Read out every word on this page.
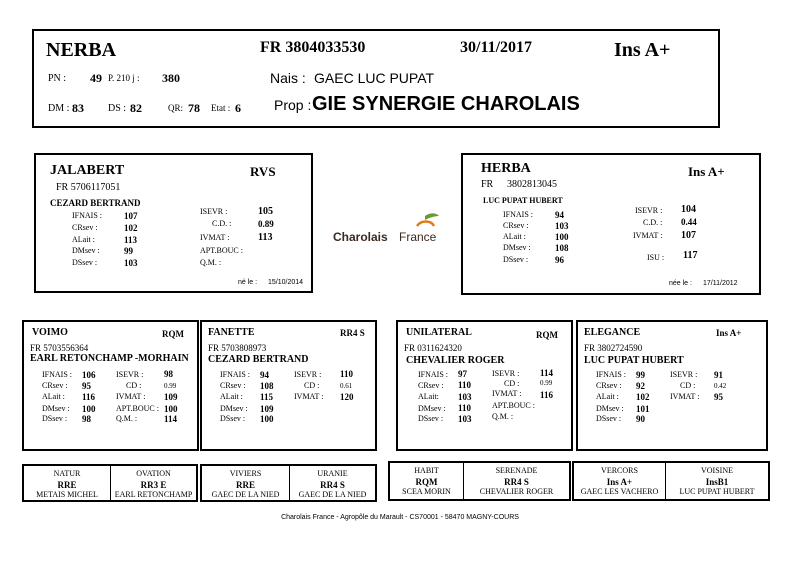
NERBA	FR 3804033530	30/11/2017	Ins A+
PN : 49 P. 210 j : 380	Nais : GAEC LUC PUPAT
DM : 83 DS : 82	QR: 78 Etat : 6 Prop : GIE SYNERGIE CHAROLAIS
JALABERT	RVS
FR 5706117051
CEZARD BERTRAND
IFNAIS : 107
CRsev :	102
ALait :	113
DMsev :	99
DSsev :	103
ISEVR :	105
C.D. :	0.89
IVMAT :	113
APT.BOUC :
Q.M. :
né le : 15/10/2014
Charolais France
HERBA	Ins A+
FR 3802813045
LUC PUPAT HUBERT
IFNAIS : 94
CRsev :	103
ALait :	100
DMsev :	108
DSsev :	96
ISEVR : 104
C.D. : 0.44
IVMAT : 107
ISU : 117
née le : 17/11/2012
VOIMO	RQM
FR 5703556364
EARL RETONCHAMP -MORHAIN
IFNAIS : 106
CRsev : 95
ALait : 116
DMsev : 100
DSsev : 98
ISEVR : 98
CD :	0.99
IVMAT : 109
APT.BOUC : 100
Q.M. :	114
FANETTE	RR4 S
FR 5703808973
CEZARD BERTRAND
IFNAIS : 94
CRsev : 108
ALait : 115
DMsev : 109
DSsev : 100
ISEVR : 110
CD :	0.61
IVMAT : 120
UNILATERAL	RQM
FR 0311624320
CHEVALIER ROGER
IFNAIS : 97
CRsev : 110
ALait: 103
DMsev : 110
DSsev : 103
ISEVR : 114
CD :	0.99
IVMAT : 116
APT.BOUC :
Q.M. :
ELEGANCE	Ins A+
FR 3802724590
LUC PUPAT HUBERT
IFNAIS : 99
CRsev : 92
ALait : 102
DMsev : 101
DSsev : 90
ISEVR : 91
CD :	0.42
IVMAT : 95
NATUR
RRE
METAIS MICHEL
OVATION
RR3 E
EARL RETONCHAMP
VIVIERS
RRE
GAEC DE LA NIED
URANIE
RR4 S
GAEC DE LA NIED
HABIT
RQM
SCEA MORIN
SERENADE
RR4 S
CHEVALIER ROGER
VERCORS
Ins A+
GAEC LES VACHERO
VOISINE
InsB1
LUC PUPAT HUBERT
Charolais France - Agropôle du Marault - CS70001 - 58470 MAGNY-COURS
